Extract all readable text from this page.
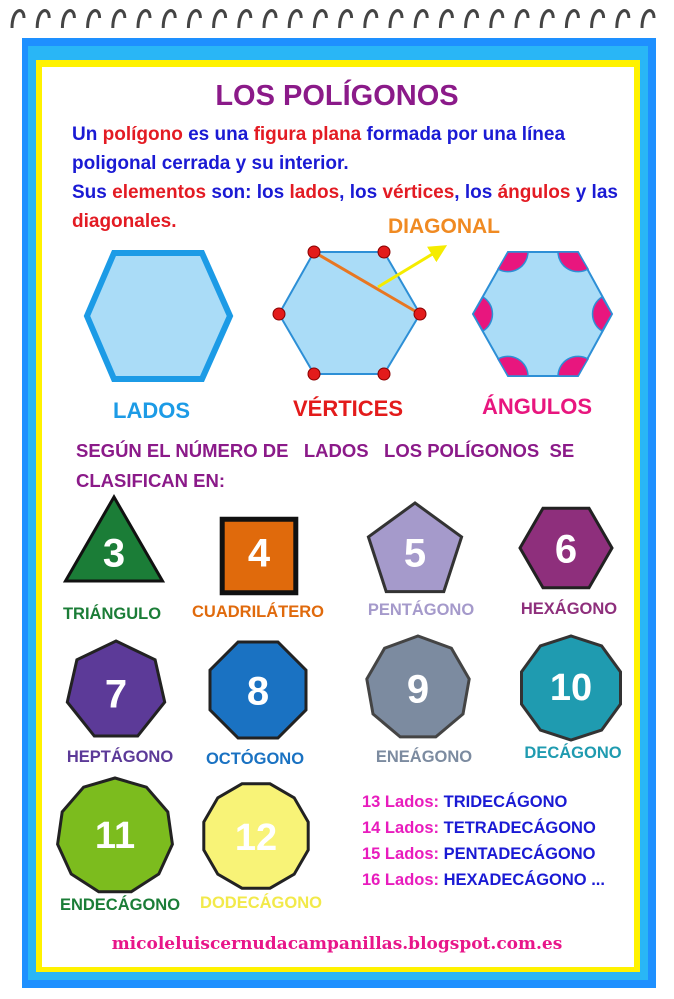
LOS POLÍGONOS

Un polígono es una figura plana formada por una línea poligonal cerrada y su interior.
Sus elementos son: los lados, los vértices, los ángulos y las diagonales.	DIAGONAL
LADOS	VÉRTICES	ÁNGULOS
SEGÚN EL NÚMERO DE   LADOS   LOS POLÍGONOS  SE
CLASIFICAN EN:
3	4	5	6
7	8	9	10
11	12
TRIÁNGULO	CUADRILÁTERO	PENTÁGONO	HEXÁGONO
HEPTÁGONO	OCTÓGONO	ENEÁGONO	DECÁGONO
ENDECÁGONO	DODECÁGONO
13 Lados: TRIDECÁGONO
14 Lados: TETRADECÁGONO
15 Lados: PENTADECÁGONO
16 Lados: HEXADECÁGONO ...
micoleluiscernudacampanillas.blogspot.com.es
